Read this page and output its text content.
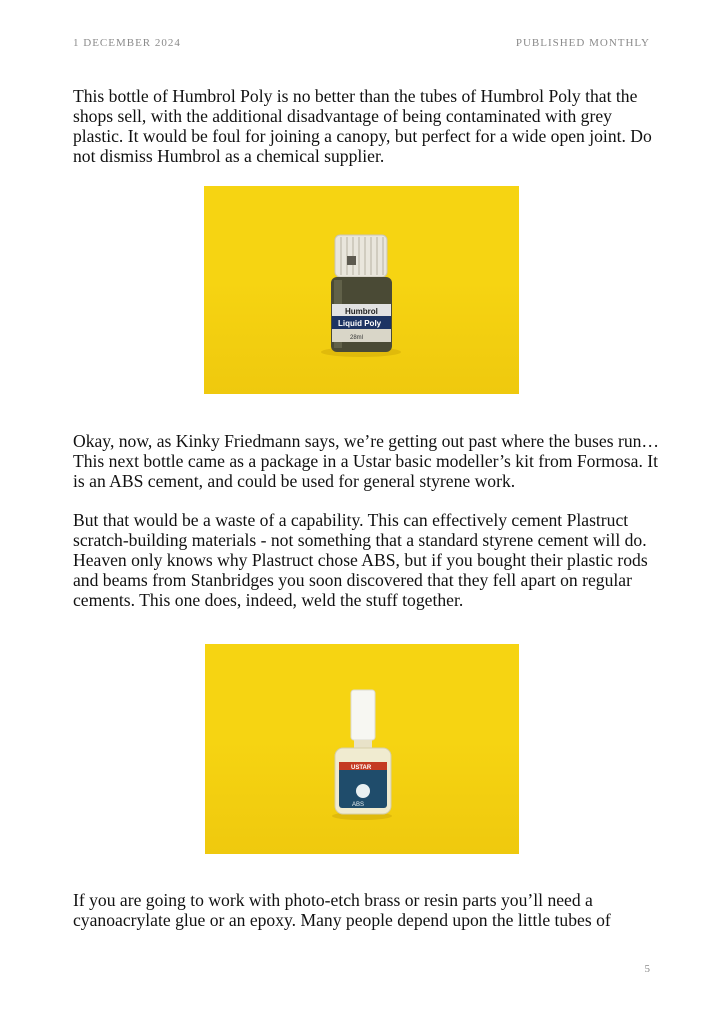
1 DECEMBER 2024	PUBLISHED MONTHLY

This bottle of Humbrol Poly is no better than the tubes of Humbrol Poly that the shops sell, with the additional disadvantage of being contaminated with grey plastic. It would be foul for joining a canopy, but perfect for a wide open joint. Do not dismiss Humbrol as a chemical supplier.

Humbrol
Liquid Poly
28ml

Okay, now, as Kinky Friedmann says, we’re getting out past where the buses run…This next bottle came as a package in a Ustar basic modeller’s kit from Formosa. It is an ABS cement, and could be used for general styrene work.

But that would be a waste of a capability. This can effectively cement Plastruct scratch-building materials - not something that a standard styrene cement will do. Heaven only knows why Plastruct chose ABS, but if you bought their plastic rods and beams from Stanbridges you soon discovered that they fell apart on regular cements. This one does, indeed, weld the stuff together.

USTAR
ABS

If you are going to work with photo-etch brass or resin parts you’ll need a cyanoacrylate glue or an epoxy. Many people depend upon the little tubes of

5
